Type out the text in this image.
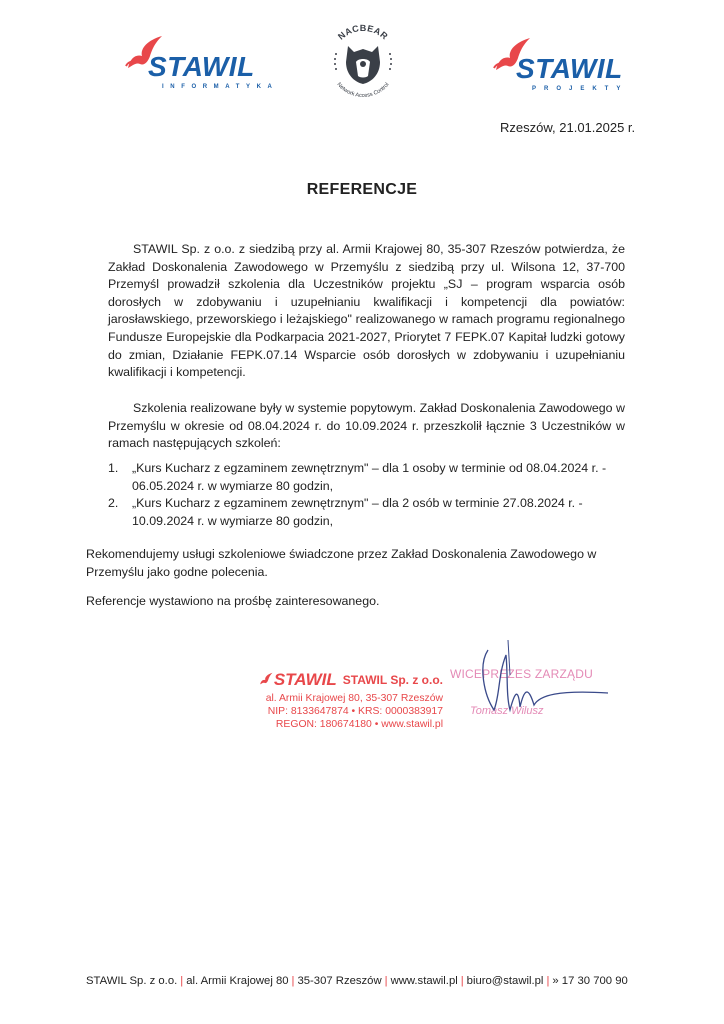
STAWIL
INFORMATYKA
NACBEAR
Network Access Control
STAWIL
PROJEKTY
Rzeszów, 21.01.2025 r.
REFERENCJE
STAWIL Sp. z o.o. z siedzibą przy al. Armii Krajowej 80, 35-307 Rzeszów potwierdza, że Zakład Doskonalenia Zawodowego w Przemyślu z siedzibą przy ul. Wilsona 12, 37-700 Przemyśl prowadził szkolenia dla Uczestników projektu „SJ – program wsparcia osób dorosłych w zdobywaniu i uzupełnianiu kwalifikacji i kompetencji dla powiatów: jarosławskiego, przeworskiego i leżajskiego" realizowanego w ramach programu regionalnego Fundusze Europejskie dla Podkarpacia 2021-2027, Priorytet 7 FEPK.07 Kapitał ludzki gotowy do zmian, Działanie FEPK.07.14 Wsparcie osób dorosłych w zdobywaniu i uzupełnianiu kwalifikacji i kompetencji.
Szkolenia realizowane były w systemie popytowym. Zakład Doskonalenia Zawodowego w Przemyślu w okresie od 08.04.2024 r. do 10.09.2024 r. przeszkolił łącznie 3 Uczestników w ramach następujących szkoleń:
1. „Kurs Kucharz z egzaminem zewnętrznym" – dla 1 osoby w terminie od 08.04.2024 r. - 06.05.2024 r. w wymiarze 80 godzin,
2. „Kurs Kucharz z egzaminem zewnętrznym" – dla 2 osób w terminie 27.08.2024 r. - 10.09.2024 r. w wymiarze 80 godzin,
Rekomendujemy usługi szkoleniowe świadczone przez Zakład Doskonalenia Zawodowego w Przemyślu jako godne polecenia.
Referencje wystawiono na prośbę zainteresowanego.
STAWIL STAWIL Sp. z o.o.
al. Armii Krajowej 80, 35-307 Rzeszów
NIP: 8133647874 • KRS: 0000383917
REGON: 180674180 • www.stawil.pl
WICEPREZES ZARZĄDU
Tomasz Wilusz
STAWIL Sp. z o.o. | al. Armii Krajowej 80 | 35-307 Rzeszów | www.stawil.pl | biuro@stawil.pl | » 17 30 700 90
